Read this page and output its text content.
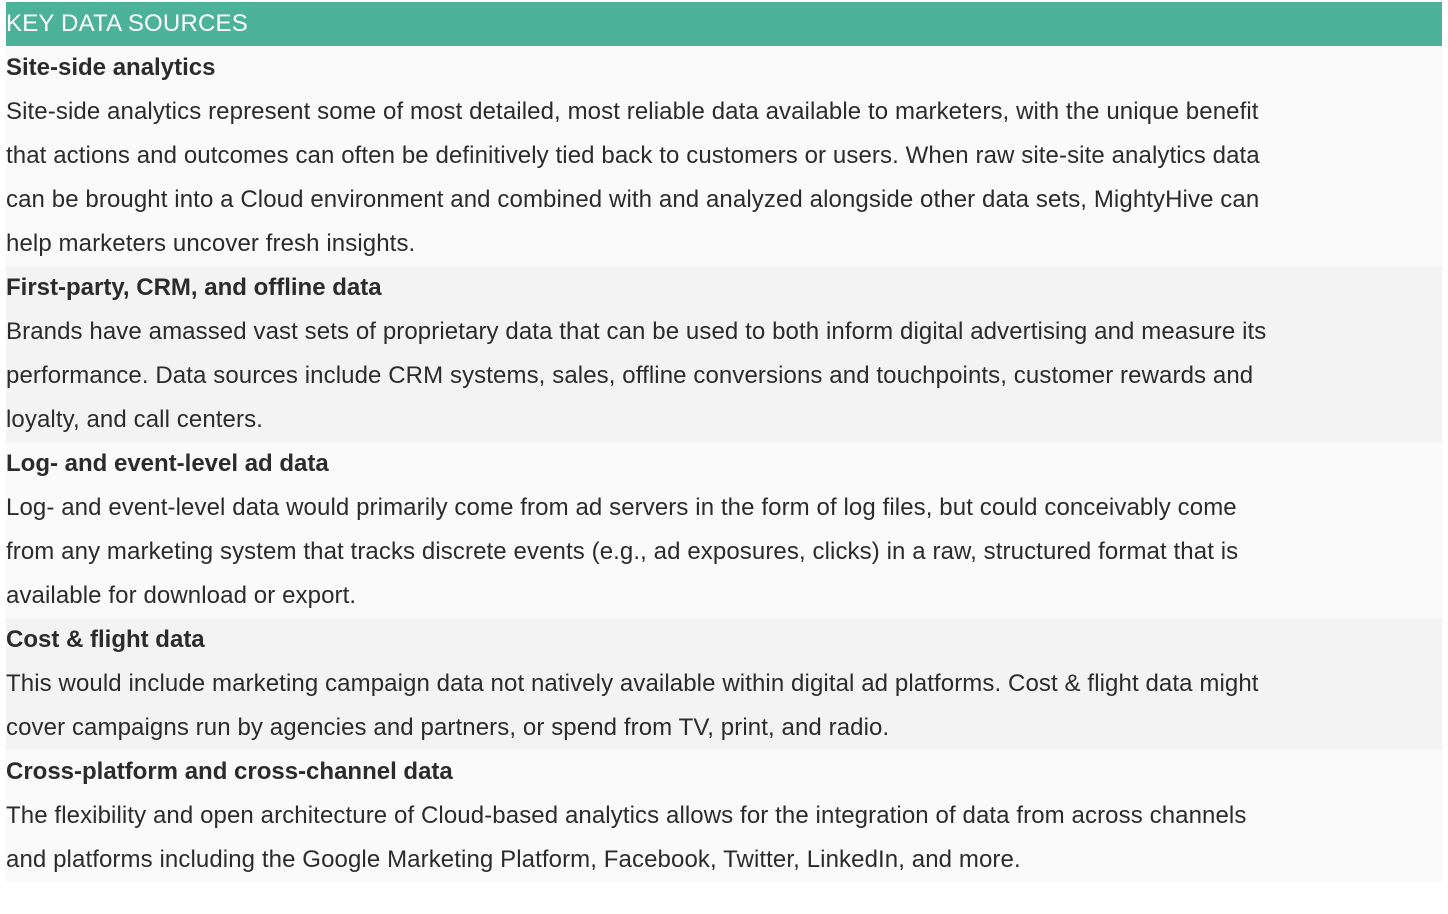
KEY DATA SOURCES
Site-side analytics
Site-side analytics represent some of most detailed, most reliable data available to marketers, with the unique benefit
that actions and outcomes can often be definitively tied back to customers or users. When raw site-site analytics data
can be brought into a Cloud environment and combined with and analyzed alongside other data sets, MightyHive can
help marketers uncover fresh insights.
First-party, CRM, and offline data
Brands have amassed vast sets of proprietary data that can be used to both inform digital advertising and measure its
performance. Data sources include CRM systems, sales, offline conversions and touchpoints, customer rewards and
loyalty, and call centers.
Log- and event-level ad data
Log- and event-level data would primarily come from ad servers in the form of log files, but could conceivably come
from any marketing system that tracks discrete events (e.g., ad exposures, clicks) in a raw, structured format that is
available for download or export.
Cost & flight data
This would include marketing campaign data not natively available within digital ad platforms. Cost & flight data might
cover campaigns run by agencies and partners, or spend from TV, print, and radio.
Cross-platform and cross-channel data
The flexibility and open architecture of Cloud-based analytics allows for the integration of data from across channels
and platforms including the Google Marketing Platform, Facebook, Twitter, LinkedIn, and more.
